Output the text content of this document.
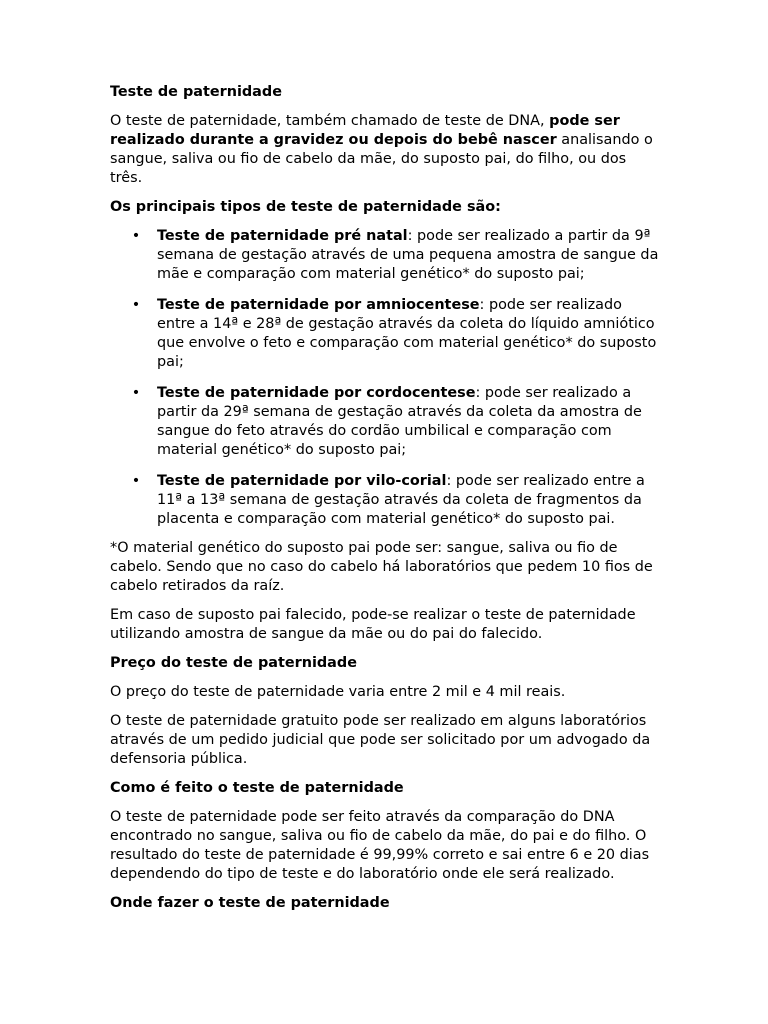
Teste de paternidade
O teste de paternidade, também chamado de teste de DNA, pode ser realizado durante a gravidez ou depois do bebê nascer analisando o sangue, saliva ou fio de cabelo da mãe, do suposto pai, do filho, ou dos três.
Os principais tipos de teste de paternidade são:
• Teste de paternidade pré natal: pode ser realizado a partir da 9ª semana de gestação através de uma pequena amostra de sangue da mãe e comparação com material genético* do suposto pai;
• Teste de paternidade por amniocentese: pode ser realizado entre a 14ª e 28ª de gestação através da coleta do líquido amniótico que envolve o feto e comparação com material genético* do suposto pai;
• Teste de paternidade por cordocentese: pode ser realizado a partir da 29ª semana de gestação através da coleta da amostra de sangue do feto através do cordão umbilical e comparação com material genético* do suposto pai;
• Teste de paternidade por vilo-corial: pode ser realizado entre a 11ª a 13ª semana de gestação através da coleta de fragmentos da placenta e comparação com material genético* do suposto pai.
*O material genético do suposto pai pode ser: sangue, saliva ou fio de cabelo. Sendo que no caso do cabelo há laboratórios que pedem 10 fios de cabelo retirados da raíz.
Em caso de suposto pai falecido, pode-se realizar o teste de paternidade utilizando amostra de sangue da mãe ou do pai do falecido.
Preço do teste de paternidade
O preço do teste de paternidade varia entre 2 mil e 4 mil reais.
O teste de paternidade gratuito pode ser realizado em alguns laboratórios através de um pedido judicial que pode ser solicitado por um advogado da defensoria pública.
Como é feito o teste de paternidade
O teste de paternidade pode ser feito através da comparação do DNA encontrado no sangue, saliva ou fio de cabelo da mãe, do pai e do filho. O resultado do teste de paternidade é 99,99% correto e sai entre 6 e 20 dias dependendo do tipo de teste e do laboratório onde ele será realizado.
Onde fazer o teste de paternidade
